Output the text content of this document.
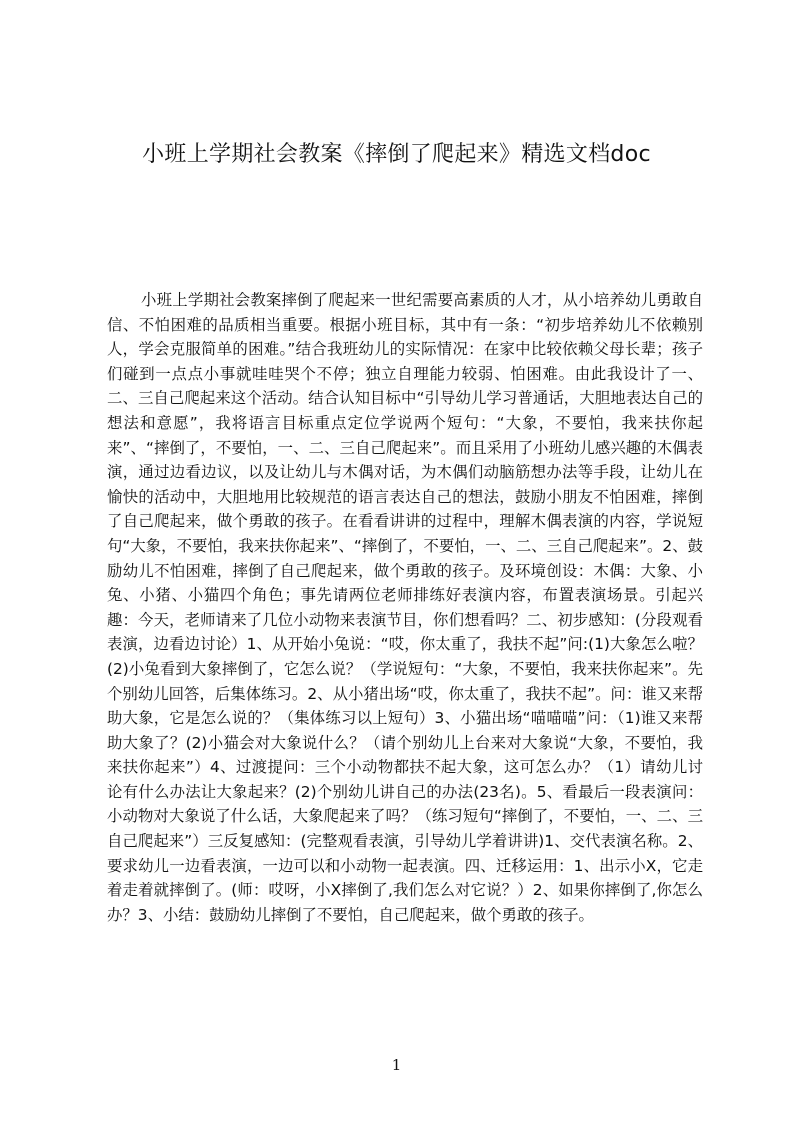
小班上学期社会教案《摔倒了爬起来》精选文档doc

小班上学期社会教案摔倒了爬起来一世纪需要高素质的人才，从小培养幼儿勇敢自信、不怕困难的品质相当重要。根据小班目标，其中有一条：“初步培养幼儿不依赖别人，学会克服简单的困难。”结合我班幼儿的实际情况：在家中比较依赖父母长辈；孩子们碰到一点点小事就哇哇哭个不停；独立自理能力较弱、怕困难。由此我设计了一、二、三自己爬起来这个活动。结合认知目标中“引导幼儿学习普通话，大胆地表达自己的想法和意愿”，我将语言目标重点定位学说两个短句：“大象，不要怕，我来扶你起来”、“摔倒了，不要怕，一、二、三自己爬起来”。而且采用了小班幼儿感兴趣的木偶表演，通过边看边议，以及让幼儿与木偶对话，为木偶们动脑筋想办法等手段，让幼儿在愉快的活动中，大胆地用比较规范的语言表达自己的想法，鼓励小朋友不怕困难，摔倒了自己爬起来，做个勇敢的孩子。在看看讲讲的过程中，理解木偶表演的内容，学说短句“大象，不要怕，我来扶你起来”、“摔倒了，不要怕，一、二、三自己爬起来”。2、鼓励幼儿不怕困难，摔倒了自己爬起来，做个勇敢的孩子。及环境创设：木偶：大象、小兔、小猪、小猫四个角色；事先请两位老师排练好表演内容，布置表演场景。引起兴趣：今天，老师请来了几位小动物来表演节目，你们想看吗？二、初步感知：(分段观看表演，边看边讨论）1、从开始小兔说：“哎，你太重了，我扶不起”问:(1)大象怎么啦？(2)小兔看到大象摔倒了，它怎么说？（学说短句：“大象，不要怕，我来扶你起来”。先个别幼儿回答，后集体练习。2、从小猪出场“哎，你太重了，我扶不起”。问：谁又来帮助大象，它是怎么说的？（集体练习以上短句）3、小猫出场“喵喵喵”问：（1)谁又来帮助大象了？(2)小猫会对大象说什么？（请个别幼儿上台来对大象说“大象，不要怕，我来扶你起来”）4、过渡提问：三个小动物都扶不起大象，这可怎么办？（1）请幼儿讨论有什么办法让大象起来？(2)个别幼儿讲自己的办法(23名)。5、看最后一段表演问：小动物对大象说了什么话，大象爬起来了吗？（练习短句“摔倒了，不要怕，一、二、三自己爬起来”）三反复感知：(完整观看表演，引导幼儿学着讲讲)1、交代表演名称。2、要求幼儿一边看表演，一边可以和小动物一起表演。四、迁移运用：1、出示小X，它走着走着就摔倒了。(师：哎呀，小X摔倒了,我们怎么对它说？）2、如果你摔倒了,你怎么办？3、小结：鼓励幼儿摔倒了不要怕，自己爬起来，做个勇敢的孩子。

1
